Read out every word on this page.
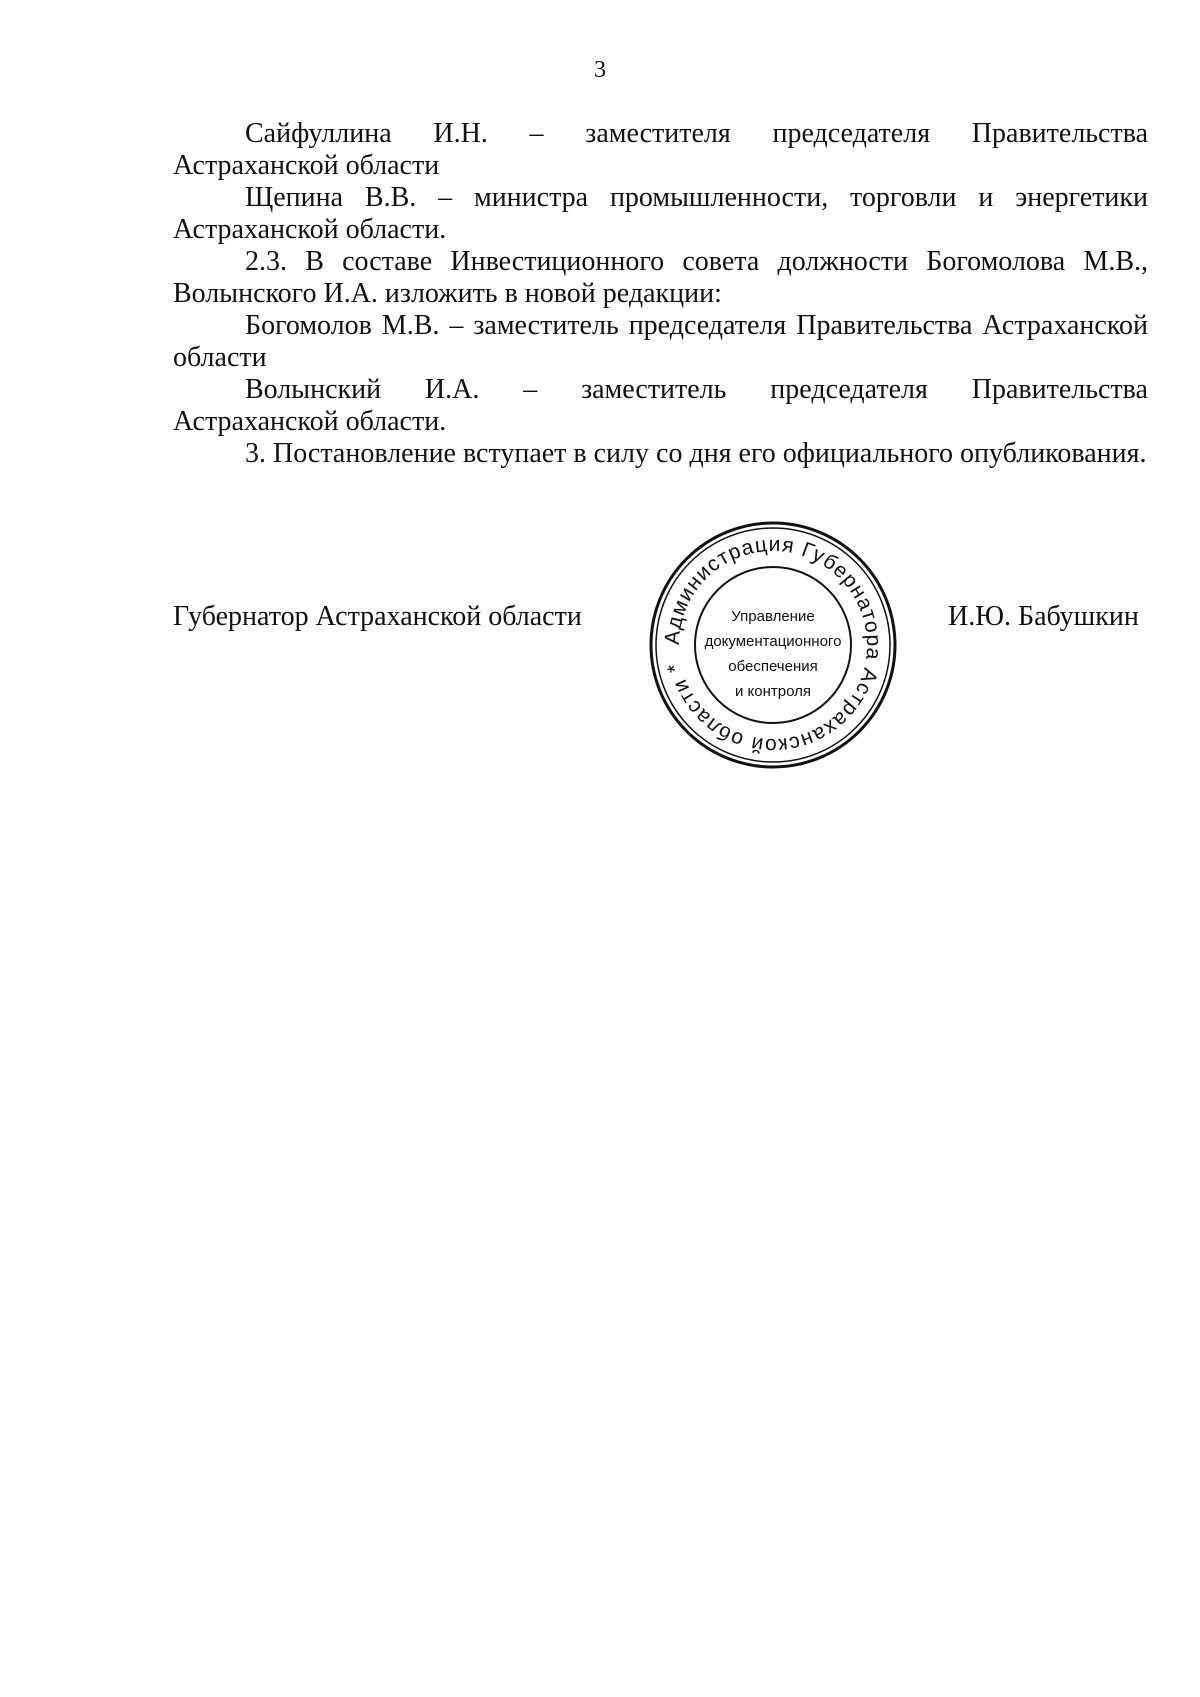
3
Сайфуллина И.Н. – заместителя председателя Правительства
Астраханской области

Щепина В.В. – министра промышленности, торговли и энергетики Астраханской области.

2.3. В составе Инвестиционного совета должности Богомолова М.В., Волынского И.А. изложить в новой редакции:

Богомолов М.В. – заместитель председателя Правительства Астраханской области

Волынский И.А. – заместитель председателя Правительства
Астраханской области.

3. Постановление вступает в силу со дня его официального опубликования.

Губернатор Астраханской области
Администрация Губернатора Астраханской области *
Управление
документационного
обеспечения
и контроля
И.Ю. Бабушкин
